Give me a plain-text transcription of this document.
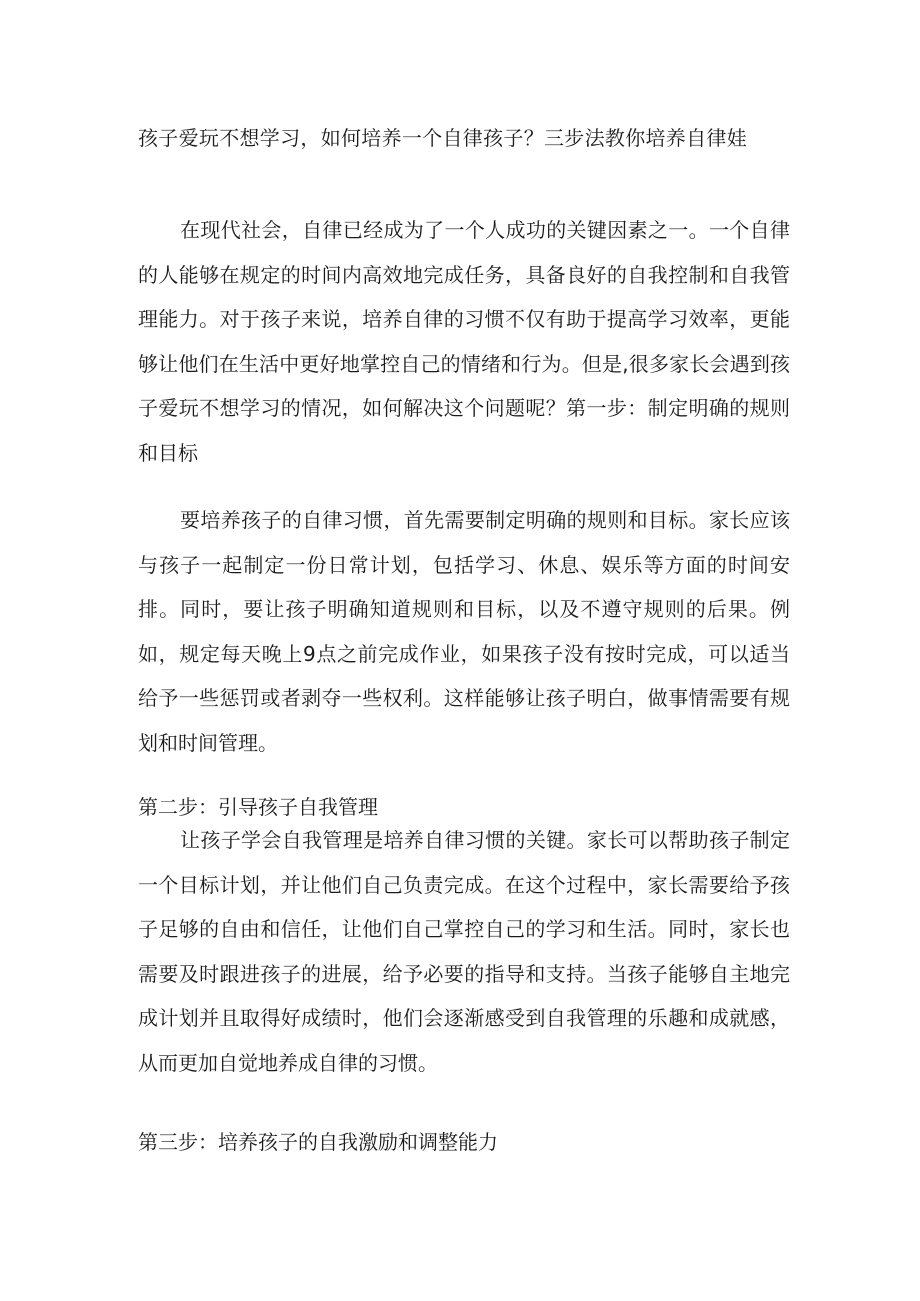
孩子爱玩不想学习，如何培养一个自律孩子？三步法教你培养自律娃

在现代社会，自律已经成为了一个人成功的关键因素之一。一个自律的人能够在规定的时间内高效地完成任务，具备良好的自我控制和自我管理能力。对于孩子来说，培养自律的习惯不仅有助于提高学习效率，更能够让他们在生活中更好地掌控自己的情绪和行为。但是,很多家长会遇到孩子爱玩不想学习的情况，如何解决这个问题呢？第一步：制定明确的规则和目标

要培养孩子的自律习惯，首先需要制定明确的规则和目标。家长应该与孩子一起制定一份日常计划，包括学习、休息、娱乐等方面的时间安排。同时，要让孩子明确知道规则和目标，以及不遵守规则的后果。例如，规定每天晚上9点之前完成作业，如果孩子没有按时完成，可以适当给予一些惩罚或者剥夺一些权利。这样能够让孩子明白，做事情需要有规划和时间管理。

第二步：引导孩子自我管理

让孩子学会自我管理是培养自律习惯的关键。家长可以帮助孩子制定一个目标计划，并让他们自己负责完成。在这个过程中，家长需要给予孩子足够的自由和信任，让他们自己掌控自己的学习和生活。同时，家长也需要及时跟进孩子的进展，给予必要的指导和支持。当孩子能够自主地完成计划并且取得好成绩时，他们会逐渐感受到自我管理的乐趣和成就感，从而更加自觉地养成自律的习惯。

第三步：培养孩子的自我激励和调整能力
